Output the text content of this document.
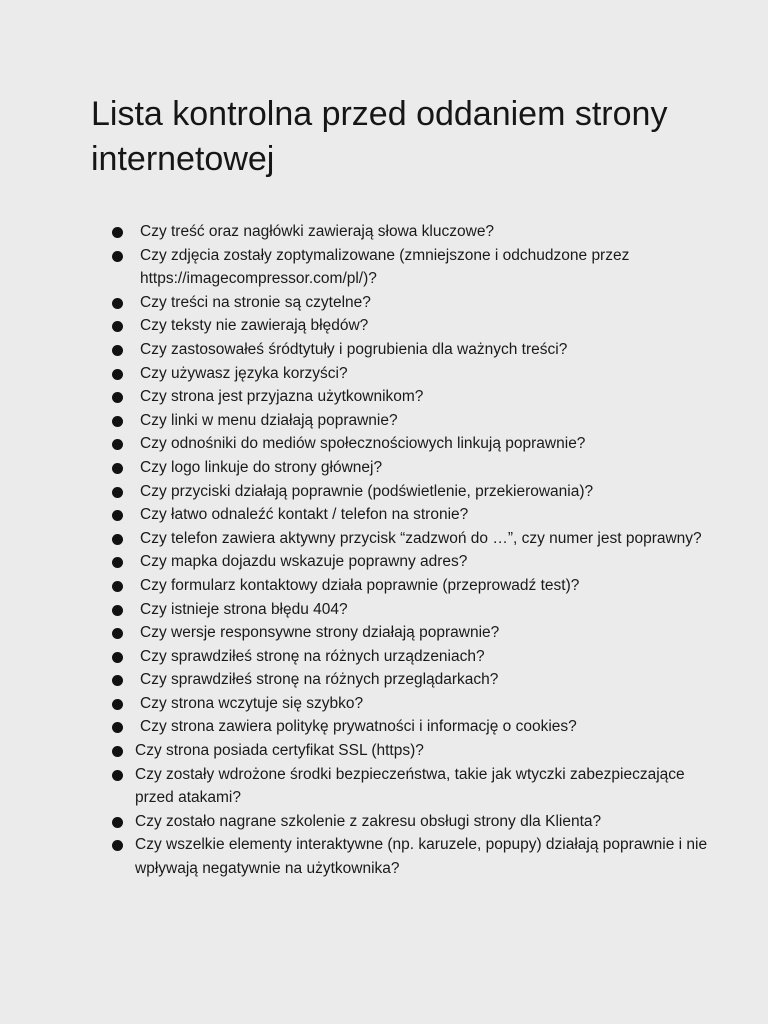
Lista kontrolna przed oddaniem strony internetowej
Czy treść oraz nagłówki zawierają słowa kluczowe?
Czy zdjęcia zostały zoptymalizowane (zmniejszone i odchudzone przez https://imagecompressor.com/pl/)?
Czy treści na stronie są czytelne?
Czy teksty nie zawierają błędów?
Czy zastosowałeś śródtytuły i pogrubienia dla ważnych treści?
Czy używasz języka korzyści?
Czy strona jest przyjazna użytkownikom?
Czy linki w menu działają poprawnie?
Czy odnośniki do mediów społecznościowych linkują poprawnie?
Czy logo linkuje do strony głównej?
Czy przyciski działają poprawnie (podświetlenie, przekierowania)?
Czy łatwo odnaleźć kontakt / telefon na stronie?
Czy telefon zawiera aktywny przycisk “zadzwoń do …”, czy numer jest poprawny?
Czy mapka dojazdu wskazuje poprawny adres?
Czy formularz kontaktowy działa poprawnie (przeprowadź test)?
Czy istnieje strona błędu 404?
Czy wersje responsywne strony działają poprawnie?
Czy sprawdziłeś stronę na różnych urządzeniach?
Czy sprawdziłeś stronę na różnych przeglądarkach?
Czy strona wczytuje się szybko?
Czy strona zawiera politykę prywatności i informację o cookies?
Czy strona posiada certyfikat SSL (https)?
Czy zostały wdrożone środki bezpieczeństwa, takie jak wtyczki zabezpieczające przed atakami?
Czy zostało nagrane szkolenie z zakresu obsługi strony dla Klienta?
Czy wszelkie elementy interaktywne (np. karuzele, popupy) działają poprawnie i nie wpływają negatywnie na użytkownika?
